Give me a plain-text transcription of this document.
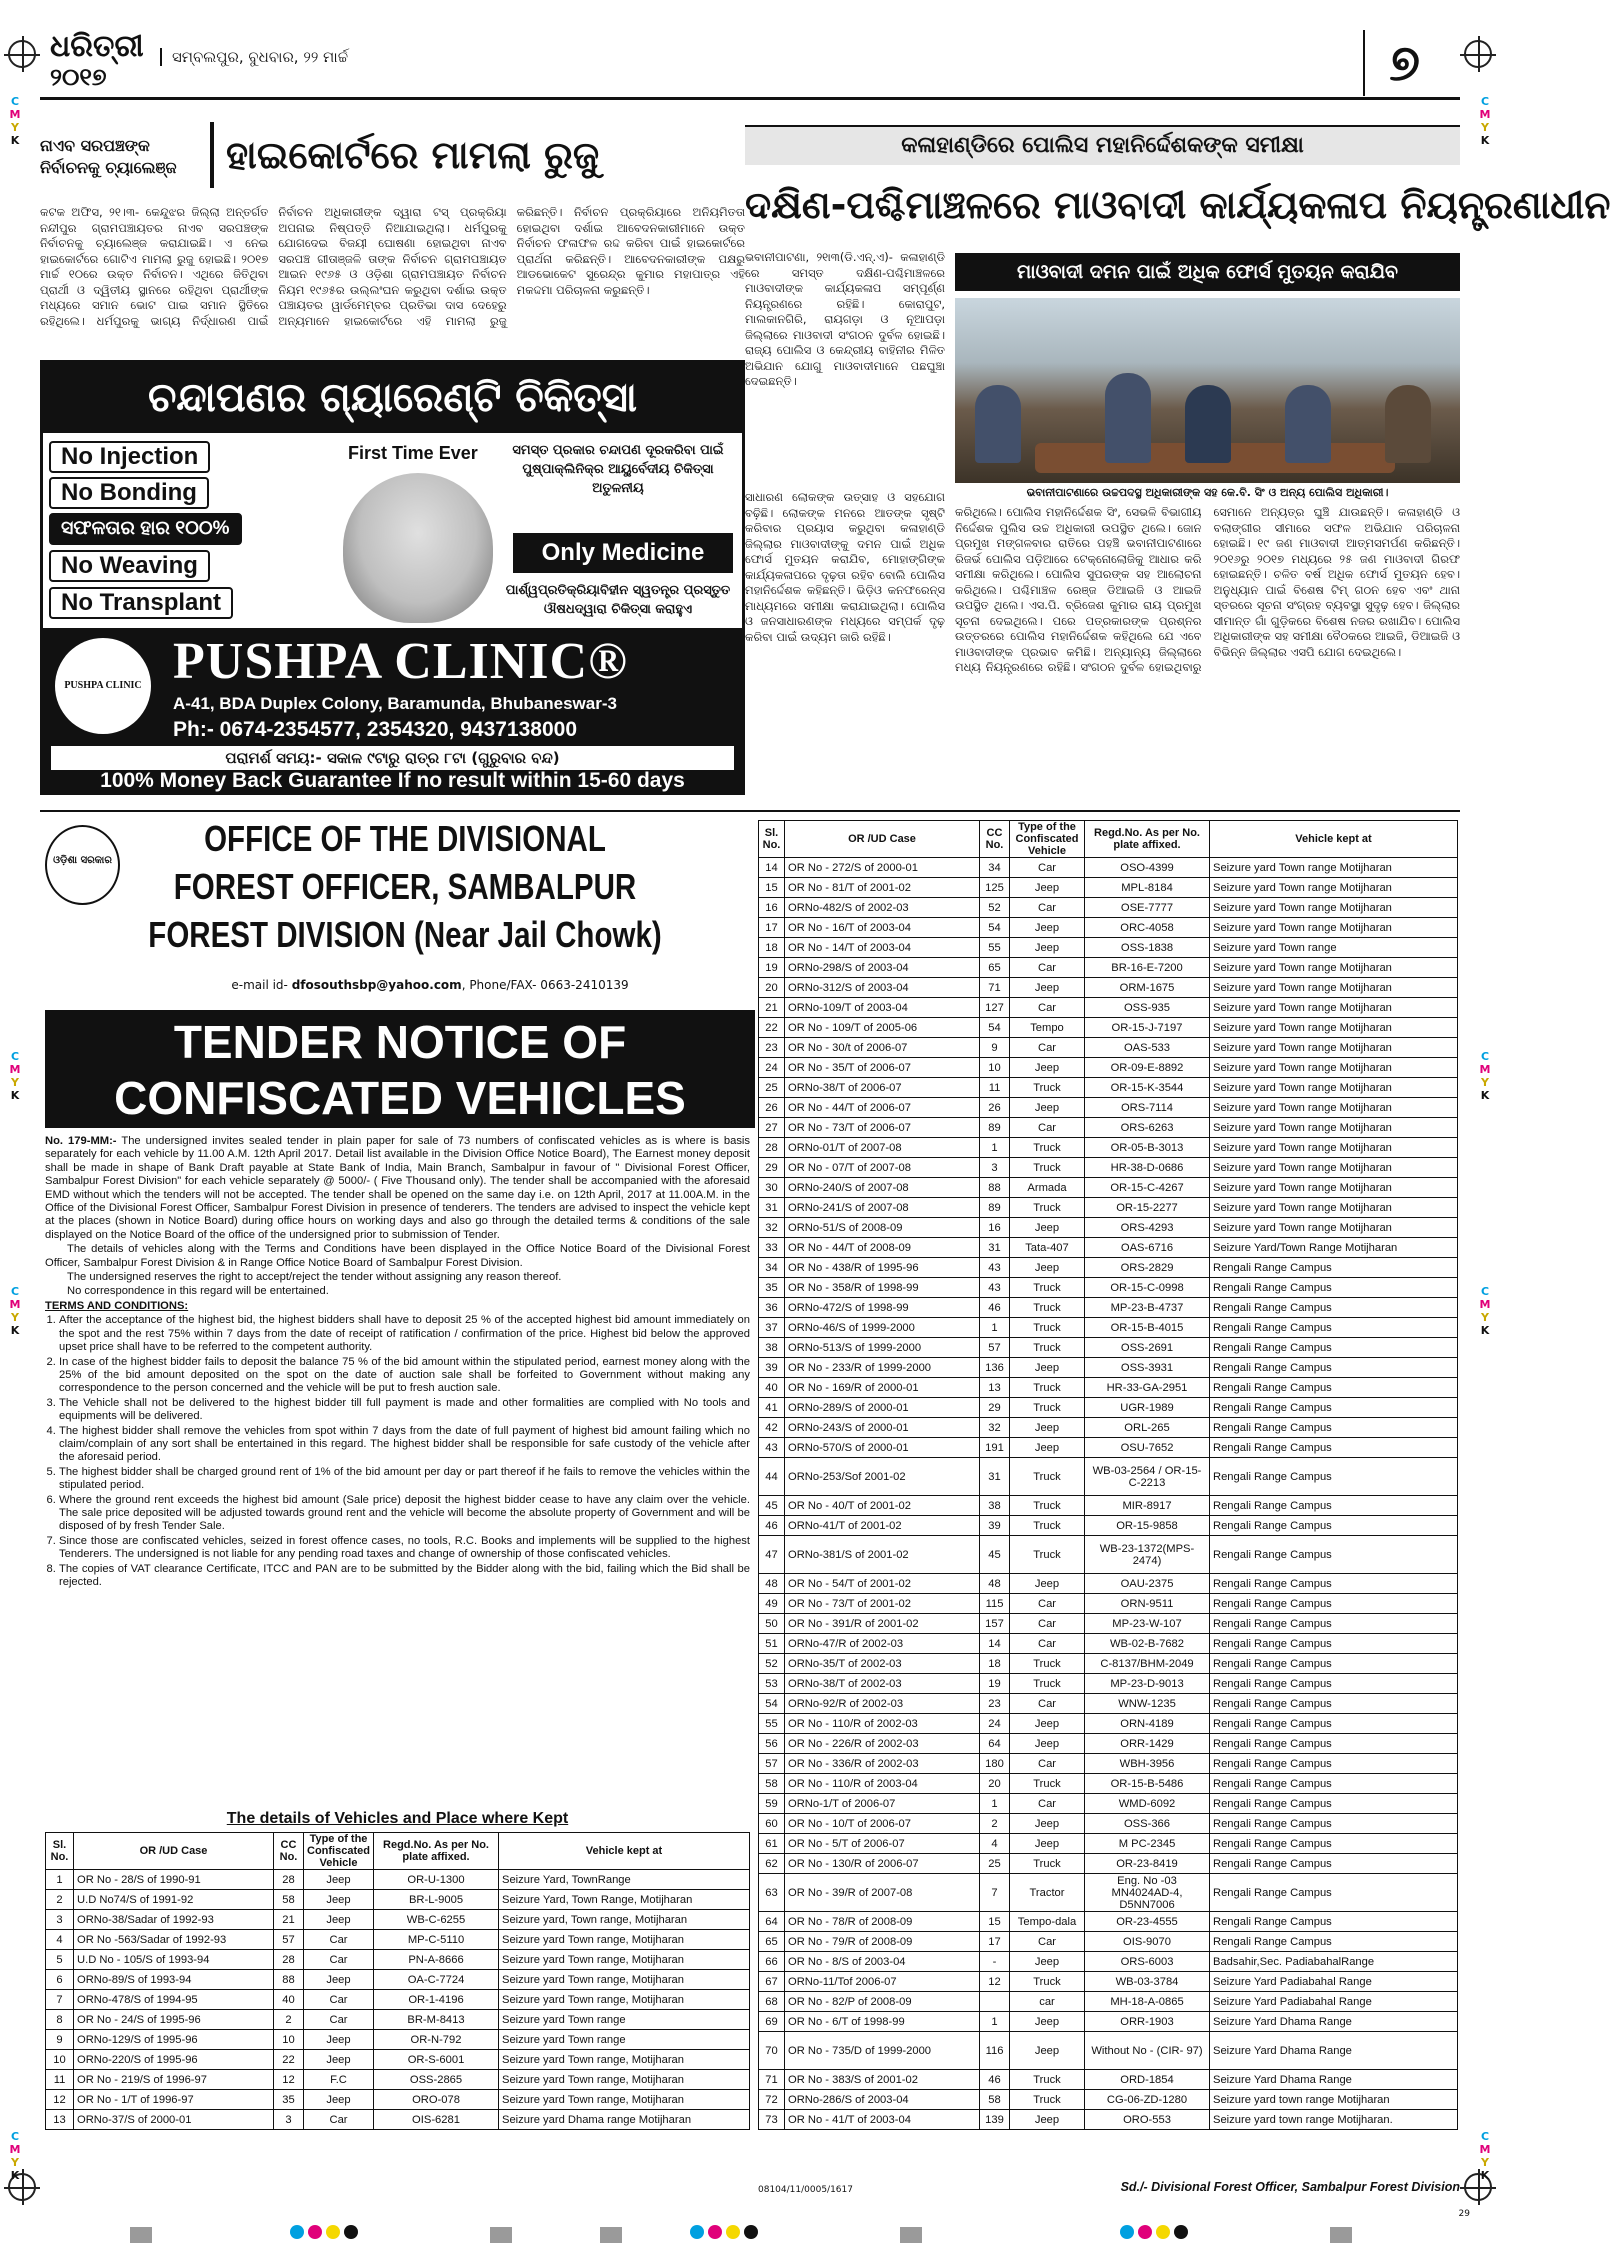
C
M
Y
K
C
M
Y
K
C
M
Y
K
C
M
Y
K
C
M
Y
K
C
M
Y
K
C
M
Y
K
C
M
Y
K
ଧରିତ୍ରୀ
୨୦୧୭
ସମ୍ବଲପୁର, ବୁଧବାର, ୨୨ ମାର୍ଚ୍ଚ	୭
ନାଏବ ସରପଞ୍ଚଙ୍କ ନିର୍ବାଚନକୁ ଚ୍ୟାଲେଞ୍ଜ	ହାଇକୋର୍ଟରେ ମାମଲା ରୁଜୁ
କଟକ ଅଫିସ, ୨୧।୩- କେନ୍ଦୁଝର ଜିଲ୍ଲା ଅନ୍ତର୍ଗତ ନନ୍ଦୀପୁର ଗ୍ରାମପଞ୍ଚାୟତର ନାଏବ ସରପଞ୍ଚଙ୍କ ନିର୍ବାଚନକୁ ଚ୍ୟାଲେଞ୍ଜ କରାଯାଇଛି। ଏ ନେଇ ହାଇକୋର୍ଟରେ ଗୋଟିଏ ମାମଲା ରୁଜୁ ହୋଇଛି। ୨୦୧୭ ମାର୍ଚ୍ଚ ୧୦ରେ ଉକ୍ତ ନିର୍ବାଚନ। ଏଥିରେ ଜିତିଥିବା ପ୍ରାର୍ଥୀ ଓ ଦ୍ୱିତୀୟ ସ୍ଥାନରେ ରହିଥିବା ପ୍ରାର୍ଥୀଙ୍କ ମଧ୍ୟରେ ସମାନ ଭୋଟ ପାଇ ସମାନ ସ୍ଥିତିରେ ରହିଥିଲେ। ଧର୍ମପୁରକୁ ଭାଗ୍ୟ ନିର୍ଦ୍ଧାରଣ ପାଇଁ ନିର୍ବାଚନ ଅଧିକାରୀଙ୍କ ଦ୍ୱାରା ଟସ୍ ପ୍ରକ୍ରିୟା ଅପନାଇ ନିଷ୍ପତ୍ତି ନିଆଯାଇଥିଲା। ଧର୍ମପୁରକୁ ଯୋଗଦେଇ ବିଜୟୀ ଘୋଷଣା ହୋଇଥିବା ନାଏବ ସରପଞ୍ଚ ଗୀତାଞ୍ଜଳି ତାଙ୍କ ନିର୍ବାଚନ ଗ୍ରାମପଞ୍ଚାୟତ ଆଇନ ୧୯୬୫ ଓ ଓଡ଼ିଶା ଗ୍ରାମପଞ୍ଚାୟତ ନିର୍ବାଚନ ନିୟମ ୧୯୬୫ର ଉଲ୍ଲଂଘନ କରୁଥିବା ଦର୍ଶାଇ ଉକ୍ତ ପଞ୍ଚାୟତର ୱାର୍ଡମେମ୍ବର ପ୍ରତିଭା ଦାସ ଦେହେରୁ ଅନ୍ୟମାନେ ହାଇକୋର୍ଟରେ ଏହି ମାମଲା ରୁଜୁ କରିଛନ୍ତି। ନିର୍ବାଚନ ପ୍ରକ୍ରିୟାରେ ଅନିୟମିତତା ହୋଇଥିବା ଦର୍ଶାଇ ଆବେଦନକାରୀମାନେ ଉକ୍ତ ନିର୍ବାଚନ ଫଳାଫଳ ରଦ୍ଦ କରିବା ପାଇଁ ହାଇକୋର୍ଟରେ ପ୍ରାର୍ଥନା କରିଛନ୍ତି। ଆବେଦନକାରୀଙ୍କ ପକ୍ଷରୁ ଆଡଭୋକେଟ ସୁରେନ୍ଦ୍ର କୁମାର ମହାପାତ୍ର ଏହି ମକଦ୍ଦମା ପରିଚାଳନା କରୁଛନ୍ତି।
ଚନ୍ଦାପଣର ଗ୍ୟାରେଣ୍ଟି ଚିକିତ୍ସା
No Injection
No Bonding
ସଫଳତାର ହାର ୧୦୦%
No Weaving
No Transplant
First Time Ever	ସମସ୍ତ ପ୍ରକାର ଚନ୍ଦାପଣ ଦୂରକରିବା ପାଇଁ ପୁଷ୍ପାକ୍ଲିନିକ୍‌ର ଆୟୁର୍ବେଦୀୟ ଚିକିତ୍ସା ଅତୁଳନୀୟ
Only Medicine
ପାର୍ଶ୍ୱପ୍ରତିକ୍ରିୟାବିହୀନ ସ୍ୱତନ୍ତ୍ର ପ୍ରସ୍ତୁତ ଔଷଧଦ୍ୱାରା ଚିକିତ୍ସା କରାହୁଏ
PUSHPA CLINIC PUSHPA CLINIC®
A-41, BDA Duplex Colony, Baramunda, Bhubaneswar-3
Ph:- 0674-2354577, 2354320, 9437138000
ପରାମର୍ଶ ସମୟ:- ସକାଳ ୯ଟାରୁ ରାତ୍ର ୮ଟା (ଗୁରୁବାର ବନ୍ଦ)
100% Money Back Guarantee If no result within 15-60 days
କଳାହାଣ୍ଡିରେ ପୋଲିସ ମହାନିର୍ଦ୍ଦେଶକଙ୍କ ସମୀକ୍ଷା
ଦକ୍ଷିଣ-ପଶ୍ଚିମାଞ୍ଚଳରେ ମାଓବାଦୀ କାର୍ଯ୍ୟକଳାପ ନିୟନ୍ତ୍ରଣାଧୀନ
ଭବାନୀପାଟଣା, ୨୧ା୩(ଡି.ଏନ୍.ଏ)- କଳାହାଣ୍ଡି ରେ ସମସ୍ତ ଦକ୍ଷିଣ-ପଶ୍ଚିମାଞ୍ଚଳରେ ମାଓବାଦୀଙ୍କ କାର୍ଯ୍ୟକଳାପ ସମ୍ପୂର୍ଣ୍ଣ ନିୟନ୍ତ୍ରଣରେ ରହିଛି। କୋରାପୁଟ, ମାଲକାନଗିରି, ରାୟଗଡ଼ା ଓ ନୂଆପଡ଼ା ଜିଲ୍ଲାରେ ମାଓବାଦୀ ସଂଗଠନ ଦୁର୍ବଳ ହୋଇଛି। ରାଜ୍ୟ ପୋଲିସ ଓ କେନ୍ଦ୍ରୀୟ ବାହିନୀର ମିଳିତ ଅଭିଯାନ ଯୋଗୁ ମାଓବାଦୀମାନେ ପଛଘୁଞ୍ଚା ଦେଇଛନ୍ତି।
ମାଓବାଦୀ ଦମନ ପାଇଁ ଅଧିକ ଫୋର୍ସ ମୁତୟନ କରାଯିବ
ଭବାନୀପାଟଣାରେ ଉଚ୍ଚପଦସ୍ଥ ଅଧିକାରୀଙ୍କ ସହ କେ.ବି. ସିଂ ଓ ଅନ୍ୟ ପୋଲିସ ଅଧିକାରୀ।
ସାଧାରଣ ଲୋକଙ୍କ ଉତ୍ସାହ ଓ ସହଯୋଗ ବଢ଼ିଛି। ଲୋକଙ୍କ ମନରେ ଆତଙ୍କ ସୃଷ୍ଟି କରିବାର ପ୍ରୟାସ କରୁଥିବା କଳାହାଣ୍ଡି ଜିଲ୍ଲାର ମାଓବାଦୀଙ୍କୁ ଦମନ ପାଇଁ ଅଧିକ ଫୋର୍ସ ମୁତୟନ କରାଯିବ, ମୋହାଙ୍ଗିଙ୍କ କାର୍ଯ୍ୟକଳାପରେ ଦୃଢ଼ତା ରହିବ ବୋଲି ପୋଲିସ ମହାନିର୍ଦ୍ଦେଶକ କହିଛନ୍ତି। ଭିଡ଼ିଓ କନଫରେନ୍ସ ମାଧ୍ୟମରେ ସମୀକ୍ଷା କରାଯାଇଥିଲା। ପୋଲିସ ଓ ଜନସାଧାରଣଙ୍କ ମଧ୍ୟରେ ସମ୍ପର୍କ ଦୃଢ଼ କରିବା ପାଇଁ ଉଦ୍ୟମ ଜାରି ରହିଛି।
କରିଥିଲେ। ପୋଲିସ ମହାନିର୍ଦ୍ଦେଶକ ସିଂ, ସେଭଳି ବିଭାଗୀୟ ନିର୍ଦ୍ଦେଶକ ପୁଲିସ ଉଚ୍ଚ ଅଧିକାରୀ ଉପସ୍ଥିତ ଥିଲେ। ଜୋନ ପ୍ରମୁଖ ମଙ୍ଗଳବାର ରାତିରେ ପହଞ୍ଚି ଭବାନୀପାଟଣାରେ ରିଜର୍ଭ ପୋଲିସ ପଡ଼ିଆରେ ଟେକ୍ନୋଲୋଜିକୁ ଆଧାର କରି ସମୀକ୍ଷା କରିଥିଲେ। ପୋଲିସ ସୁପରଙ୍କ ସହ ଆଲୋଚନା କରିଥିଲେ। ପଶ୍ଚିମାଞ୍ଚଳ ରେଞ୍ଜ ଡିଆଇଜି ଓ ଆଇଜି ଉପସ୍ଥିତ ଥିଲେ। ଏସ.ପି. ବ୍ରିଜେଶ କୁମାର ରାୟ ପ୍ରମୁଖ ସୂଚନା ଦେଇଥିଲେ। ପରେ ପତ୍ରକାରଙ୍କ ପ୍ରଶ୍ନର ଉତ୍ତରରେ ପୋଲିସ ମହାନିର୍ଦ୍ଦେଶକ କହିଥିଲେ ଯେ ଏବେ ମାଓବାଦୀଙ୍କ ପ୍ରଭାବ କମିଛି। ଅନ୍ୟାନ୍ୟ ଜିଲ୍ଲାରେ ମଧ୍ୟ ନିୟନ୍ତ୍ରଣରେ ରହିଛି। ସଂଗଠନ ଦୁର୍ବଳ ହୋଇଥିବାରୁ ସେମାନେ ଅନ୍ୟତ୍ର ଘୁଞ୍ଚି ଯାଉଛନ୍ତି। କଳାହାଣ୍ଡି ଓ ବଲାଙ୍ଗୀର ସୀମାରେ ସଫଳ ଅଭିଯାନ ପରିଚାଳନା ହୋଇଛି। ୧୯ ଜଣ ମାଓବାଦୀ ଆତ୍ମସମର୍ପଣ କରିଛନ୍ତି। ୨୦୧୬ରୁ ୨୦୧୭ ମଧ୍ୟରେ ୨୫ ଜଣ ମାଓବାଦୀ ଗିରଫ ହୋଇଛନ୍ତି। ଚଳିତ ବର୍ଷ ଅଧିକ ଫୋର୍ସ ମୁତୟନ ହେବ। ଅନୁଧ୍ୟାନ ପାଇଁ ବିଶେଷ ଟିମ୍ ଗଠନ ହେବ ଏବଂ ଥାନା ସ୍ତରରେ ସୂଚନା ସଂଗ୍ରହ ବ୍ୟବସ୍ଥା ସୁଦୃଢ଼ ହେବ। ଜିଲ୍ଲାର ସୀମାନ୍ତ ଗାଁ ଗୁଡ଼ିକରେ ବିଶେଷ ନଜର ରଖାଯିବ। ପୋଲିସ ଅଧିକାରୀଙ୍କ ସହ ସମୀକ୍ଷା ବୈଠକରେ ଆଇଜି, ଡିଆଇଜି ଓ ବିଭିନ୍ନ ଜିଲ୍ଲାର ଏସପି ଯୋଗ ଦେଇଥିଲେ।
ଓଡ଼ିଶା ସରକାର
OFFICE OF THE DIVISIONAL
FOREST OFFICER, SAMBALPUR
FOREST DIVISION (Near Jail Chowk)
e-mail id- dfosouthsbp@yahoo.com, Phone/FAX- 0663-2410139
TENDER NOTICE OF
CONFISCATED VEHICLES

No. 179-MM:- The undersigned invites sealed tender in plain paper for sale of 73 numbers of confiscated vehicles as is where is basis separately for each vehicle by 11.00 A.M. 12th April 2017. Detail list available in the Division Office Notice Board), The Earnest money deposit shall be made in shape of Bank Draft payable at State Bank of India, Main Branch, Sambalpur in favour of " Divisional Forest Officer, Sambalpur Forest Division" for each vehicle separately @ 5000/- ( Five Thousand only). The tender shall be accompanied with the aforesaid EMD without which the tenders will not be accepted. The tender shall be opened on the same day i.e. on 12th April, 2017 at 11.00A.M. in the Office of the Divisional Forest Officer, Sambalpur Forest Division in presence of tenderers. The tenders are advised to inspect the vehicle kept at the places (shown in Notice Board) during office hours on working days and also go through the detailed terms & conditions of the sale displayed on the Notice Board of the office of the undersigned prior to submission of Tender.

The details of vehicles along with the Terms and Conditions have been displayed in the Office Notice Board of the Divisional Forest Officer, Sambalpur Forest Division & in Range Office Notice Board of Sambalpur Forest Division.

The undersigned reserves the right to accept/reject the tender without assigning any reason thereof.

No correspondence in this regard will be entertained.

TERMS AND CONDITIONS:

1. After the acceptance of the highest bid, the highest bidders shall have to deposit 25 % of the accepted highest bid amount immediately on the spot and the rest 75% within 7 days from the date of receipt of ratification / confirmation of the price. Highest bid below the approved upset price shall have to be referred to the competent authority.
2. In case of the highest bidder fails to deposit the balance 75 % of the bid amount within the stipulated period, earnest money along with the 25% of the bid amount deposited on the spot on the date of auction sale shall be forfeited to Government without making any correspondence to the person concerned and the vehicle will be put to fresh auction sale.
3. The Vehicle shall not be delivered to the highest bidder till full payment is made and other formalities are complied with No tools and equipments will be delivered.
4. The highest bidder shall remove the vehicles from spot within 7 days from the date of full payment of highest bid amount failing which no claim/complain of any sort shall be entertained in this regard. The highest bidder shall be responsible for safe custody of the vehicle after the aforesaid period.
5. The highest bidder shall be charged ground rent of 1% of the bid amount per day or part thereof if he fails to remove the vehicles within the stipulated period.
6. Where the ground rent exceeds the highest bid amount (Sale price) deposit the highest bidder cease to have any claim over the vehicle. The sale price deposited will be adjusted towards ground rent and the vehicle will become the absolute property of Government and will be disposed of by fresh Tender Sale.
7. Since those are confiscated vehicles, seized in forest offence cases, no tools, R.C. Books and implements will be supplied to the highest Tenderers. The undersigned is not liable for any pending road taxes and change of ownership of those confiscated vehicles.
8. The copies of VAT clearance Certificate, ITCC and PAN are to be submitted by the Bidder along with the bid, failing which the Bid shall be rejected.
The details of Vehicles and Place where Kept
Sl. No.	OR /UD Case	CC No.	Type of the Confiscated Vehicle	Regd.No. As per No. plate affixed.	Vehicle kept at
1	OR No - 28/S of 1990-91	28	Jeep	OR-U-1300	Seizure Yard, TownRange
2	U.D No74/S of 1991-92	58	Jeep	BR-L-9005	Seizure Yard, Town Range, Motijharan
3	ORNo-38/Sadar of 1992-93	21	Jeep	WB-C-6255	Seizure yard, Town range, Motijharan
4	OR No -563/Sadar of 1992-93	57	Car	MP-C-5110	Seizure yard Town range, Motijharan
5	U.D No - 105/S of 1993-94	28	Car	PN-A-8666	Seizure yard Town range, Motijharan
6	ORNo-89/S of 1993-94	88	Jeep	OA-C-7724	Seizure yard Town range, Motijharan
7	ORNo-478/S of 1994-95	40	Car	OR-1-4196	Seizure yard Town range, Motijharan
8	OR No - 24/S of 1995-96	2	Car	BR-M-8413	Seizure yard Town range
9	ORNo-129/S of 1995-96	10	Jeep	OR-N-792	Seizure yard Town range
10	ORNo-220/S of 1995-96	22	Jeep	OR-S-6001	Seizure yard Town range, Motijharan
11	OR No - 219/S of 1996-97	12	F.C	OSS-2865	Seizure yard Town range, Motijharan
12	OR No - 1/T of 1996-97	35	Jeep	ORO-078	Seizure yard Town range, Motijharan
13	ORNo-37/S of 2000-01	3	Car	OIS-6281	Seizure yard Dhama range Motijharan
Sl. No.	OR /UD Case	CC No.	Type of the Confiscated Vehicle	Regd.No. As per No. plate affixed.	Vehicle kept at
14	OR No - 272/S of 2000-01	34	Car	OSO-4399	Seizure yard Town range Motijharan
15	OR No - 81/T of 2001-02	125	Jeep	MPL-8184	Seizure yard Town range Motijharan
16	ORNo-482/S of 2002-03	52	Car	OSE-7777	Seizure yard Town range Motijharan
17	OR No - 16/T of 2003-04	54	Jeep	ORC-4058	Seizure yard Town range Motijharan
18	OR No - 14/T of 2003-04	55	Jeep	OSS-1838	Seizure yard Town range
19	ORNo-298/S of 2003-04	65	Car	BR-16-E-7200	Seizure yard Town range Motijharan
20	ORNo-312/S of 2003-04	71	Jeep	ORM-1675	Seizure yard Town range Motijharan
21	ORNo-109/T of 2003-04	127	Car	OSS-935	Seizure yard Town range Motijharan
22	OR No - 109/T of 2005-06	54	Tempo	OR-15-J-7197	Seizure yard Town range Motijharan
23	OR No - 30/t of 2006-07	9	Car	OAS-533	Seizure yard Town range Motijharan
24	OR No - 35/T of 2006-07	10	Jeep	OR-09-E-8892	Seizure yard Town range Motijharan
25	ORNo-38/T of 2006-07	11	Truck	OR-15-K-3544	Seizure yard Town range Motijharan
26	OR No - 44/T of 2006-07	26	Jeep	ORS-7114	Seizure yard Town range Motijharan
27	OR No - 73/T of 2006-07	89	Car	ORS-6263	Seizure yard Town range Motijharan
28	ORNo-01/T of 2007-08	1	Truck	OR-05-B-3013	Seizure yard Town range Motijharan
29	OR No - 07/T of 2007-08	3	Truck	HR-38-D-0686	Seizure yard Town range Motijharan
30	ORNo-240/S of 2007-08	88	Armada	OR-15-C-4267	Seizure yard Town range Motijharan
31	ORNo-241/S of 2007-08	89	Truck	OR-15-2277	Seizure yard Town range Motijharan
32	ORNo-51/S of 2008-09	16	Jeep	ORS-4293	Seizure yard Town range Motijharan
33	OR No - 44/T of 2008-09	31	Tata-407	OAS-6716	Seizure Yard/Town Range Motijharan
34	OR No - 438/R of 1995-96	43	Jeep	ORS-2829	Rengali Range Campus
35	OR No - 358/R of 1998-99	43	Truck	OR-15-C-0998	Rengali Range Campus
36	ORNo-472/S of 1998-99	46	Truck	MP-23-B-4737	Rengali Range Campus
37	ORNo-46/S of 1999-2000	1	Truck	OR-15-B-4015	Rengali Range Campus
38	ORNo-513/S of 1999-2000	57	Truck	OSS-2691	Rengali Range Campus
39	OR No - 233/R of 1999-2000	136	Jeep	OSS-3931	Rengali Range Campus
40	OR No - 169/R of 2000-01	13	Truck	HR-33-GA-2951	Rengali Range Campus
41	ORNo-289/S of 2000-01	29	Truck	UGR-1989	Rengali Range Campus
42	ORNo-243/S of 2000-01	32	Jeep	ORL-265	Rengali Range Campus
43	ORNo-570/S of 2000-01	191	Jeep	OSU-7652	Rengali Range Campus
44	ORNo-253/Sof 2001-02	31	Truck	WB-03-2564 / OR-15-C-2213	Rengali Range Campus
45	OR No - 40/T of 2001-02	38	Truck	MIR-8917	Rengali Range Campus
46	ORNo-41/T of 2001-02	39	Truck	OR-15-9858	Rengali Range Campus
47	ORNo-381/S of 2001-02	45	Truck	WB-23-1372(MPS-2474)	Rengali Range Campus
48	OR No - 54/T of 2001-02	48	Jeep	OAU-2375	Rengali Range Campus
49	OR No - 73/T of 2001-02	115	Car	ORN-9511	Rengali Range Campus
50	OR No - 391/R of 2001-02	157	Car	MP-23-W-107	Rengali Range Campus
51	ORNo-47/R of 2002-03	14	Car	WB-02-B-7682	Rengali Range Campus
52	ORNo-35/T of 2002-03	18	Truck	C-8137/BHM-2049	Rengali Range Campus
53	ORNo-38/T of 2002-03	19	Truck	MP-23-D-9013	Rengali Range Campus
54	ORNo-92/R of 2002-03	23	Car	WNW-1235	Rengali Range Campus
55	OR No - 110/R of 2002-03	24	Jeep	ORN-4189	Rengali Range Campus
56	OR No - 226/R of 2002-03	64	Jeep	ORR-1429	Rengali Range Campus
57	OR No - 336/R of 2002-03	180	Car	WBH-3956	Rengali Range Campus
58	OR No - 110/R of 2003-04	20	Truck	OR-15-B-5486	Rengali Range Campus
59	ORNo-1/T of 2006-07	1	Car	WMD-6092	Rengali Range Campus
60	OR No - 10/T of 2006-07	2	Jeep	OSS-366	Rengali Range Campus
61	OR No - 5/T of 2006-07	4	Jeep	M PC-2345	Rengali Range Campus
62	OR No - 130/R of 2006-07	25	Truck	OR-23-8419	Rengali Range Campus
63	OR No - 39/R of 2007-08	7	Tractor	Eng. No -03 MN4024AD-4, D5NN7006	Rengali Range Campus
64	OR No - 78/R of 2008-09	15	Tempo-dala	OR-23-4555	Rengali Range Campus
65	OR No - 79/R of 2008-09	17	Car	OIS-9070	Rengali Range Campus
66	OR No - 8/S of 2003-04	-	Jeep	ORS-6003	Badsahir,Sec. PadiabahalRange
67	ORNo-11/Tof 2006-07	12	Truck	WB-03-3784	Seizure Yard Padiabahal Range
68	OR No - 82/P of 2008-09		car	MH-18-A-0865	Seizure Yard Padiabahal Range
69	OR No - 6/T of 1998-99	1	Jeep	ORR-1903	Seizure Yard Dhama Range
70	OR No - 735/D of 1999-2000	116	Jeep	Without No - (CIR- 97)	Seizure Yard Dhama Range
71	OR No - 383/S of 2001-02	46	Truck	ORD-1854	Seizure Yard Dhama Range
72	ORNo-286/S of 2003-04	58	Truck	CG-06-ZD-1280	Seizure yard town range Motijharan
73	OR No - 41/T of 2003-04	139	Jeep	ORO-553	Seizure yard town range Motijharan.
08104/11/0005/1617	Sd./- Divisional Forest Officer, Sambalpur Forest Division
29
